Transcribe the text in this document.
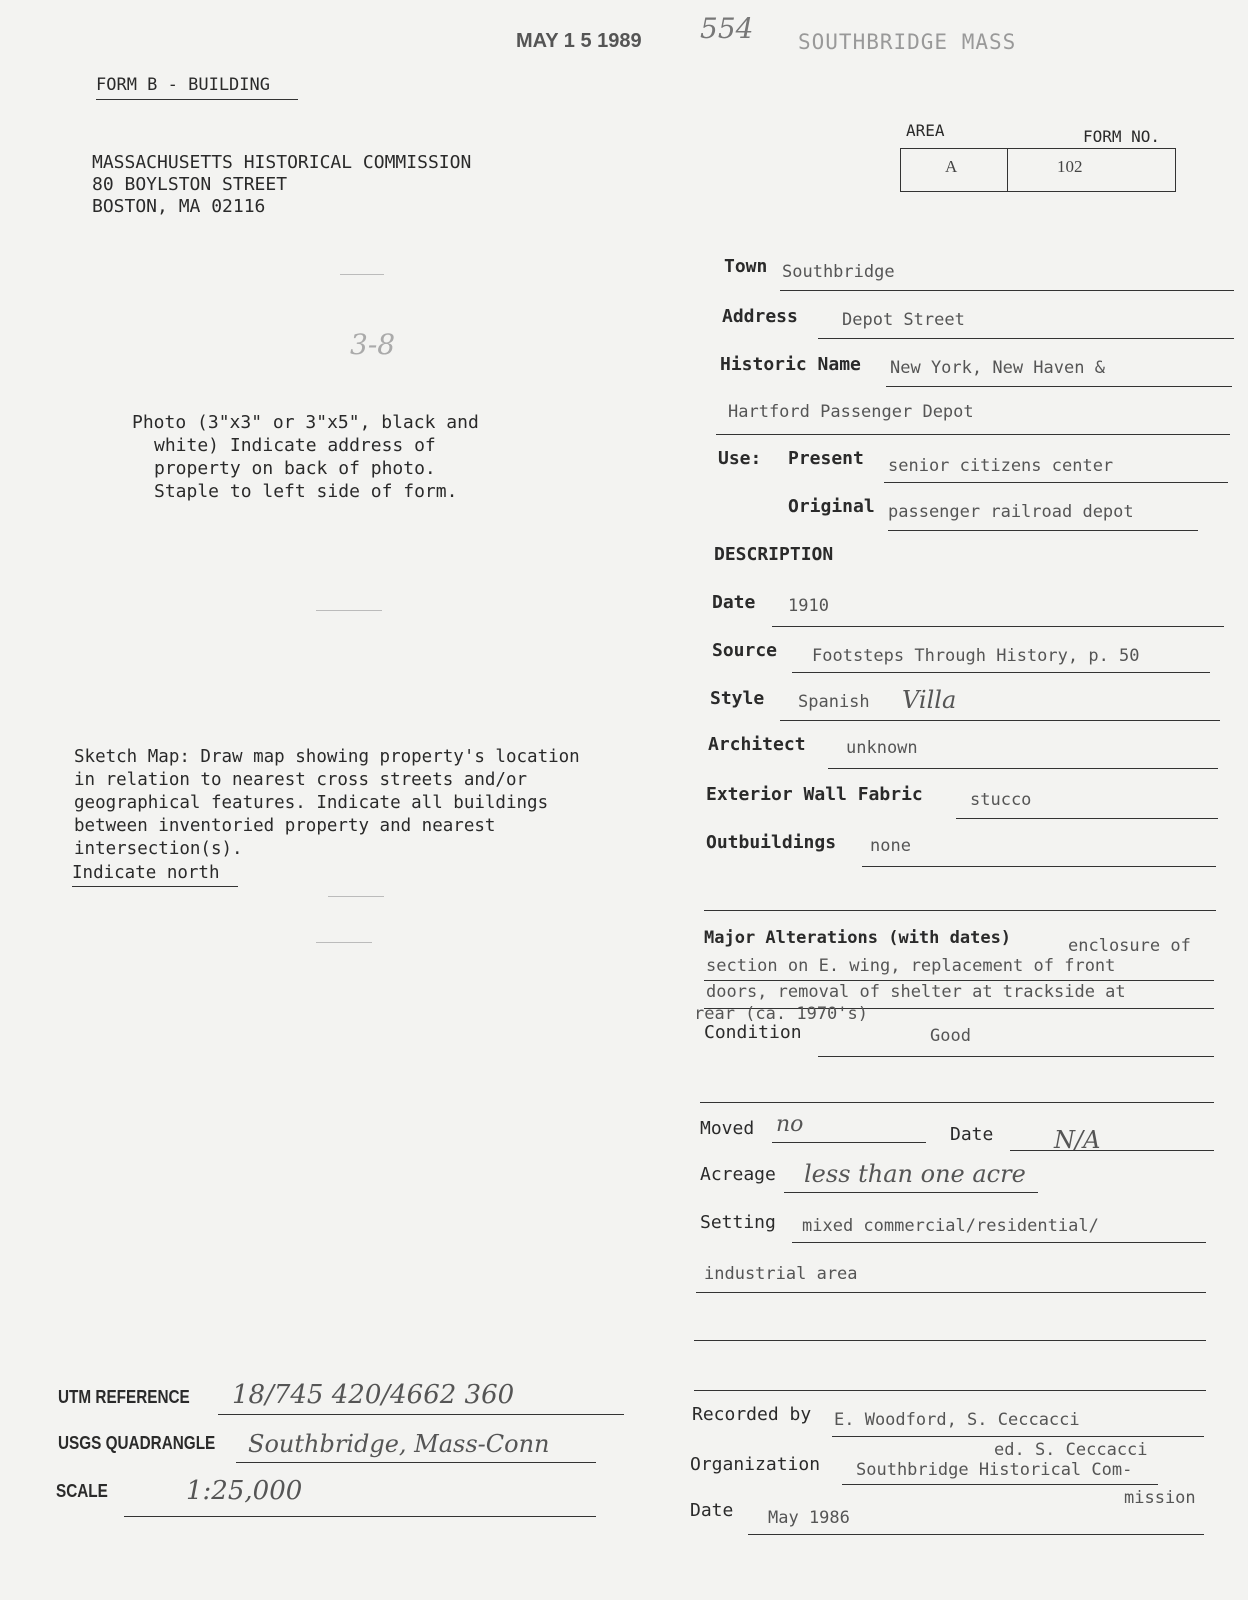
MAY 1 5 1989 554 SOUTHBRIDGE MASS
FORM B - BUILDING
MASSACHUSETTS HISTORICAL COMMISSION
80 BOYLSTON STREET
BOSTON, MA 02116
AREA	FORM NO.
A	102
3-8
Photo (3"x3" or 3"x5", black and
white) Indicate address of
property on back of photo.
Staple to left side of form.
Sketch Map: Draw map showing property's location
in relation to nearest cross streets and/or
geographical features. Indicate all buildings
between inventoried property and nearest
intersection(s).
Indicate north
Town Southbridge
Address	Depot Street
Historic Name New York, New Haven &
Hartford Passenger Depot
Use: Present senior citizens center
Original passenger railroad depot
DESCRIPTION
Date 1910
Source Footsteps Through History, p. 50
Style Spanish Villa
Architect unknown
Exterior Wall Fabric	stucco
Outbuildings none
Major Alterations (with dates)	enclosure of
section on E. wing, replacement of front
doors, removal of shelter at trackside at
rear (ca. 1970's)
Condition	Good
Moved no	Date	N/A
Acreage less than one acre
Setting mixed commercial/residential/
industrial area
Recorded by E. Woodford, S. Ceccacci
ed. S. Ceccacci
Organization Southbridge Historical Com-
mission
Date May 1986
UTM REFERENCE 18/745 420/4662 360
USGS QUADRANGLE Southbridge, Mass-Conn
SCALE	1:25,000
